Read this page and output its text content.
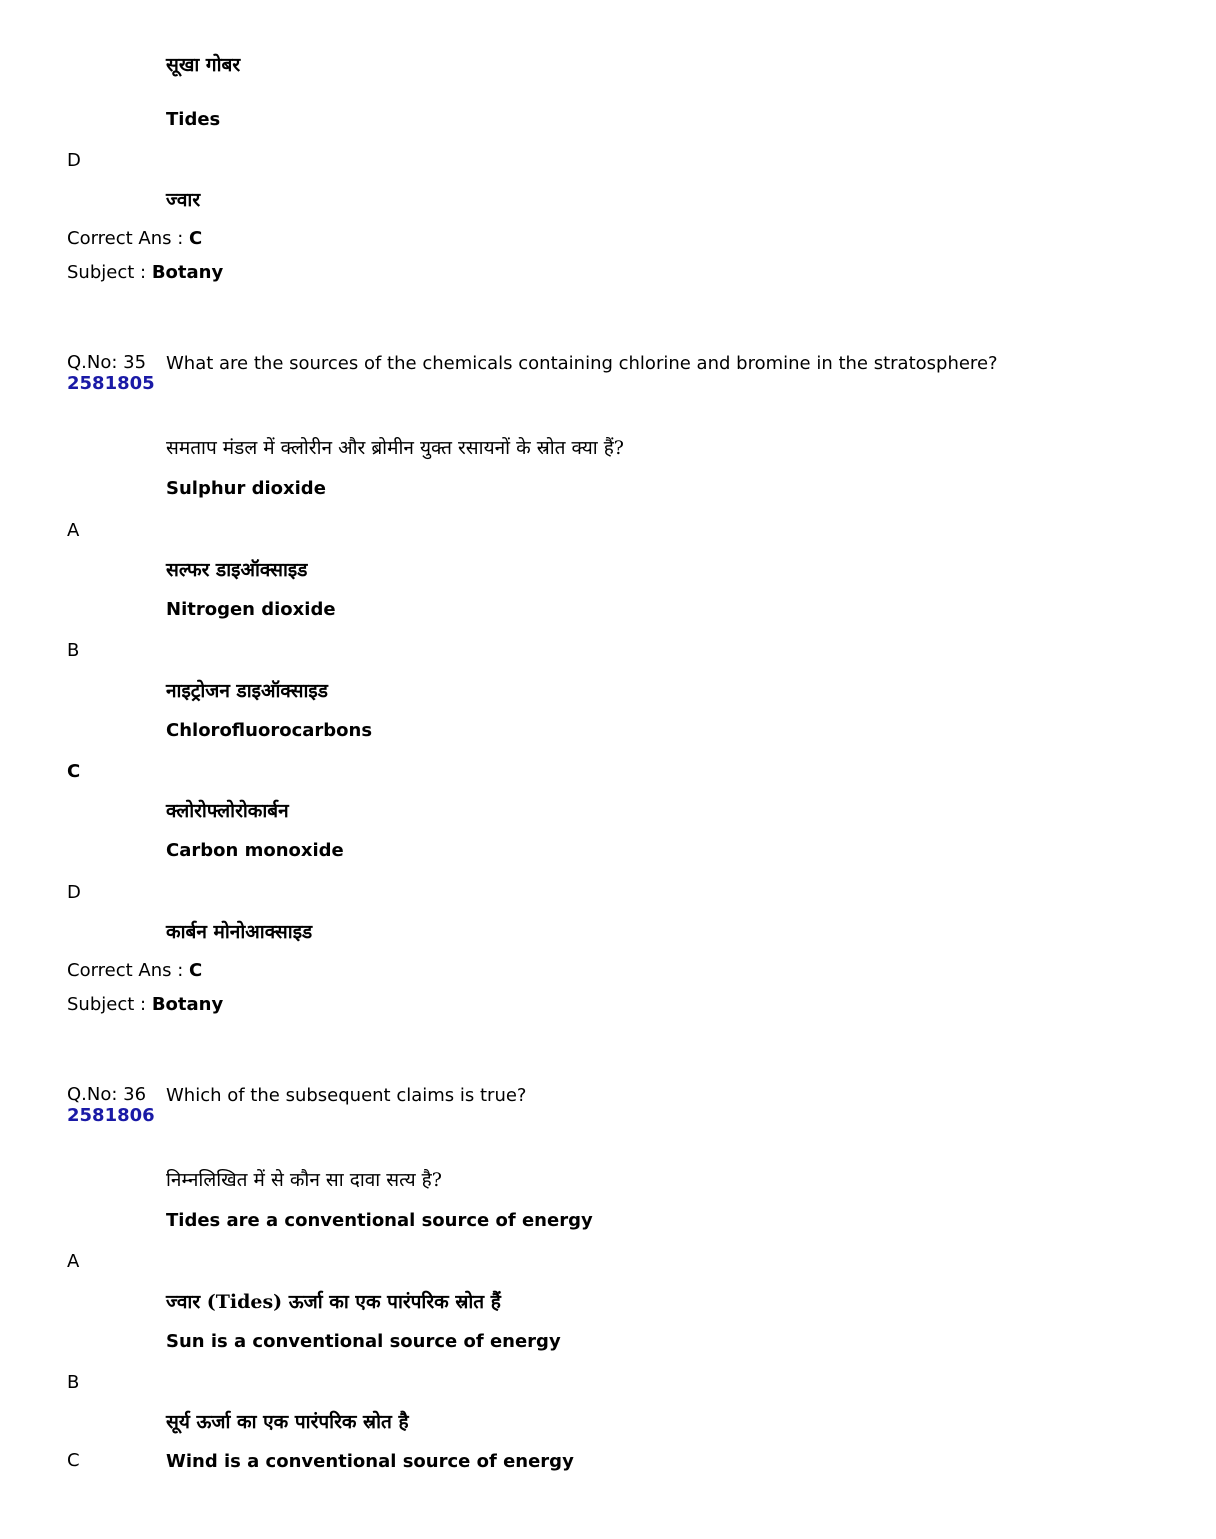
सूखा गोबर
Tides
D
ज्वार
Correct Ans : C
Subject : Botany
Q.No: 35
2581805
What are the sources of the chemicals containing chlorine and bromine in the stratosphere?
समताप मंडल में क्लोरीन और ब्रोमीन युक्त रसायनों के स्रोत क्या हैं?
Sulphur dioxide
A
सल्फर डाइऑक्साइड
Nitrogen dioxide
B
नाइट्रोजन डाइऑक्साइड
Chlorofluorocarbons
C
क्लोरोफ्लोरोकार्बन
Carbon monoxide
D
कार्बन मोनोआक्साइड
Correct Ans : C
Subject : Botany
Q.No: 36
2581806
Which of the subsequent claims is true?
निम्नलिखित में से कौन सा दावा सत्य है?
Tides are a conventional source of energy
A
ज्वार (Tides) ऊर्जा का एक पारंपरिक स्रोत हैं
Sun is a conventional source of energy
B
सूर्य ऊर्जा का एक पारंपरिक स्रोत है
C	Wind is a conventional source of energy
